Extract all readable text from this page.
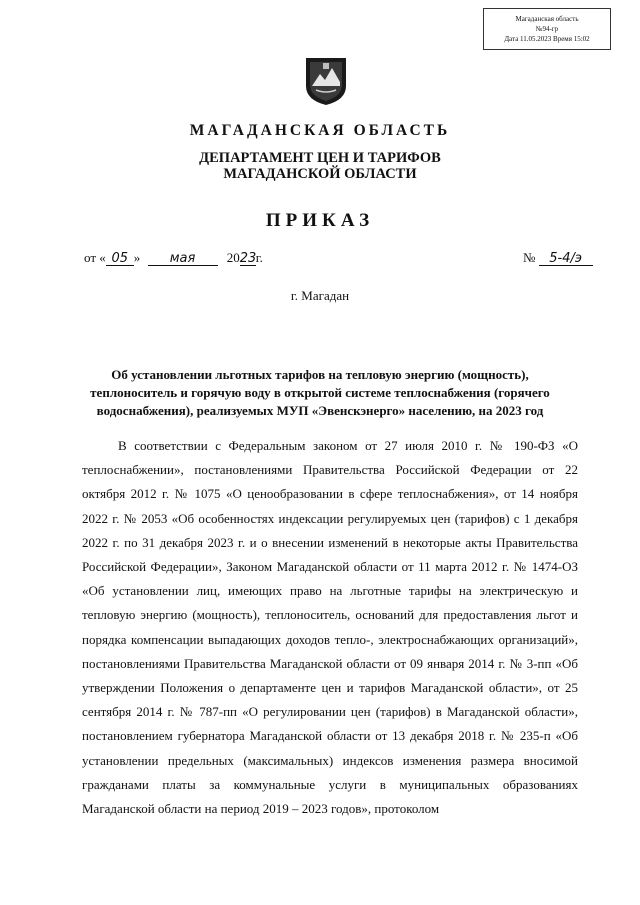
Магаданская область
№94-гр
Дата 11.05.2023 Время 15:02
МАГАДАНСКАЯ ОБЛАСТЬ
ДЕПАРТАМЕНТ ЦЕН И ТАРИФОВ
МАГАДАНСКОЙ ОБЛАСТИ
ПРИКАЗ
от « 05 » мая 2023г.	№ 5-4/э
г. Магадан
Об установлении льготных тарифов на тепловую энергию (мощность),
теплоноситель и горячую воду в открытой системе теплоснабжения (горячего
водоснабжения), реализуемых МУП «Эвенскэнерго» населению, на 2023 год

В соответствии с Федеральным законом от 27 июля 2010 г. № 190-ФЗ «О теплоснабжении», постановлениями Правительства Российской Федерации от 22 октября 2012 г. № 1075 «О ценообразовании в сфере теплоснабжения», от 14 ноября 2022 г. № 2053 «Об особенностях индексации регулируемых цен (тарифов) с 1 декабря 2022 г. по 31 декабря 2023 г. и о внесении изменений в некоторые акты Правительства Российской Федерации», Законом Магаданской области от 11 марта 2012 г. № 1474-ОЗ «Об установлении лиц, имеющих право на льготные тарифы на электрическую и тепловую энергию (мощность), теплоноситель, оснований для предоставления льгот и порядка компенсации выпадающих доходов тепло-, электроснабжающих организаций», постановлениями Правительства Магаданской области от 09 января 2014 г. № 3-пп «Об утверждении Положения о департаменте цен и тарифов Магаданской области», от 25 сентября 2014 г. № 787-пп «О регулировании цен (тарифов) в Магаданской области», постановлением губернатора Магаданской области от 13 декабря 2018 г. № 235-п «Об установлении предельных (максимальных) индексов изменения размера вносимой гражданами платы за коммунальные услуги в муниципальных образованиях Магаданской области на период 2019 – 2023 годов», протоколом
